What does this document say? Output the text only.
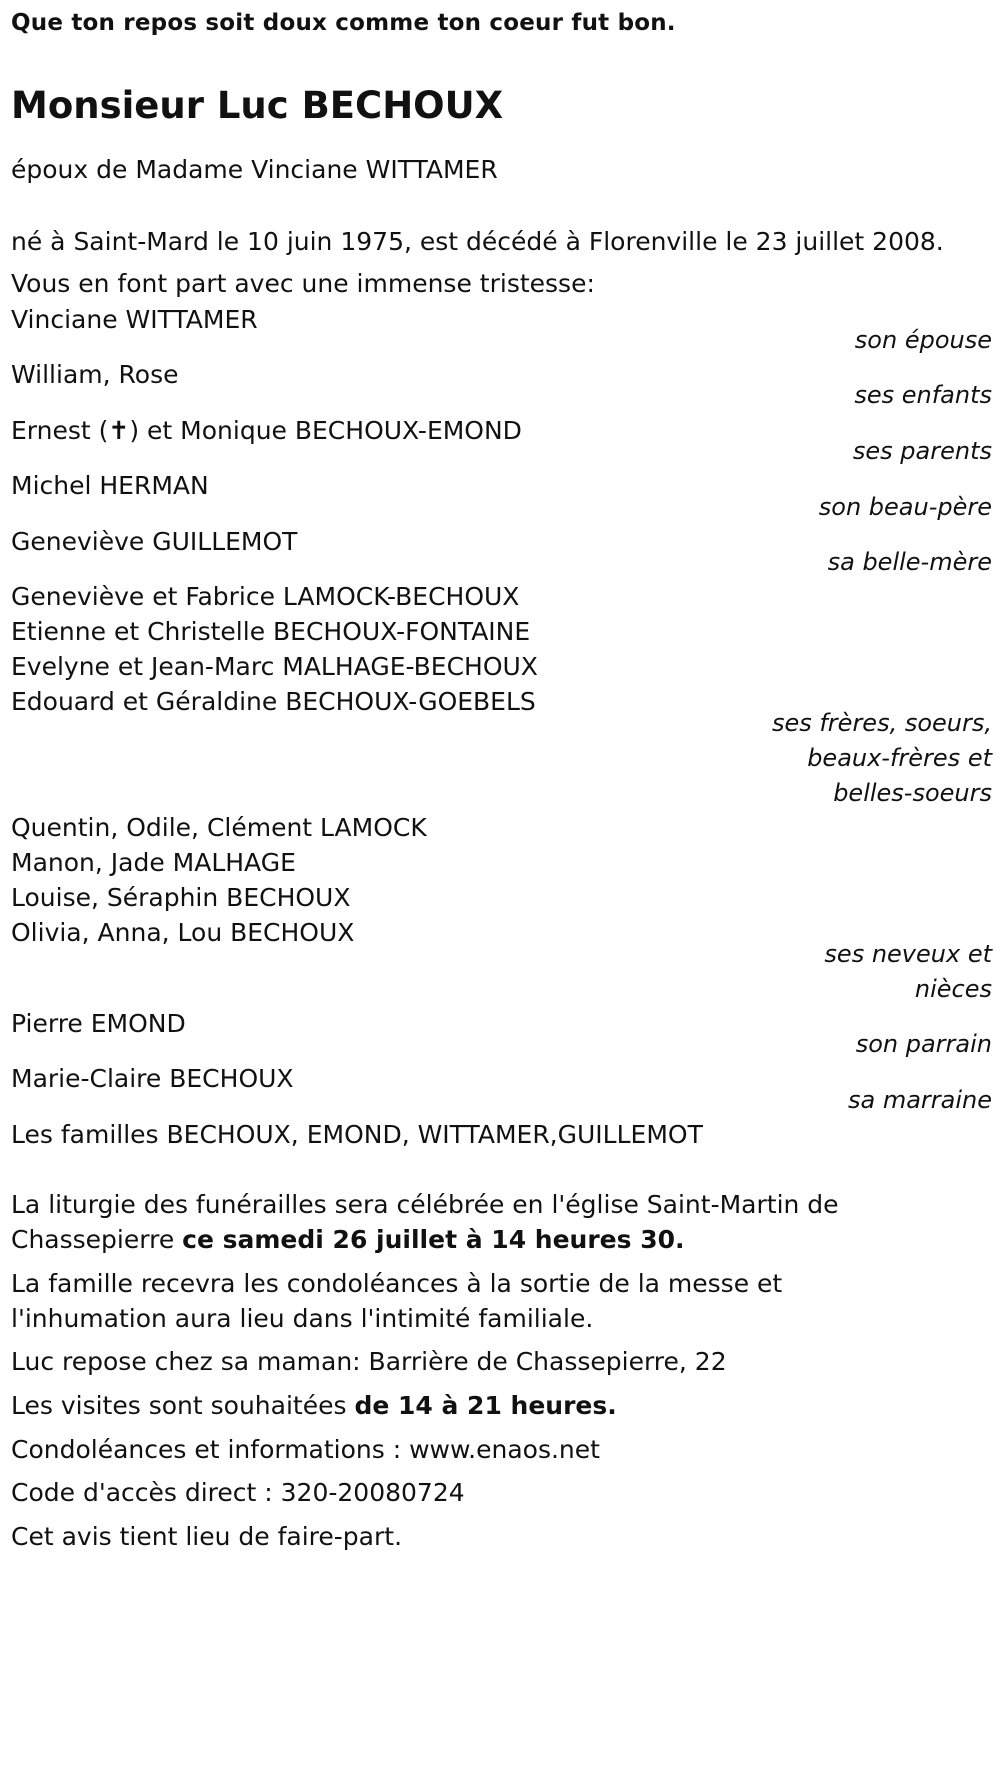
Que ton repos soit doux comme ton coeur fut bon.
Monsieur Luc BECHOUX
époux de Madame Vinciane WITTAMER
né à Saint-Mard le 10 juin 1975, est décédé à Florenville le 23 juillet 2008.
Vous en font part avec une immense tristesse:
Vinciane WITTAMER
son épouse
William, Rose
ses enfants
Ernest (✝) et Monique BECHOUX-EMOND
ses parents
Michel HERMAN
son beau-père
Geneviève GUILLEMOT
sa belle-mère
Geneviève et Fabrice LAMOCK-BECHOUX
Etienne et Christelle BECHOUX-FONTAINE
Evelyne et Jean-Marc MALHAGE-BECHOUX
Edouard et Géraldine BECHOUX-GOEBELS
ses frères, soeurs,
beaux-frères et
belles-soeurs
Quentin, Odile, Clément LAMOCK
Manon, Jade MALHAGE
Louise, Séraphin BECHOUX
Olivia, Anna, Lou BECHOUX
ses neveux et
nièces
Pierre EMOND
son parrain
Marie-Claire BECHOUX
sa marraine
Les familles BECHOUX, EMOND, WITTAMER,GUILLEMOT
La liturgie des funérailles sera célébrée en l'église Saint-Martin de
Chassepierre ce samedi 26 juillet à 14 heures 30.
La famille recevra les condoléances à la sortie de la messe et
l'inhumation aura lieu dans l'intimité familiale.
Luc repose chez sa maman: Barrière de Chassepierre, 22
Les visites sont souhaitées de 14 à 21 heures.
Condoléances et informations : www.enaos.net
Code d'accès direct : 320-20080724
Cet avis tient lieu de faire-part.
